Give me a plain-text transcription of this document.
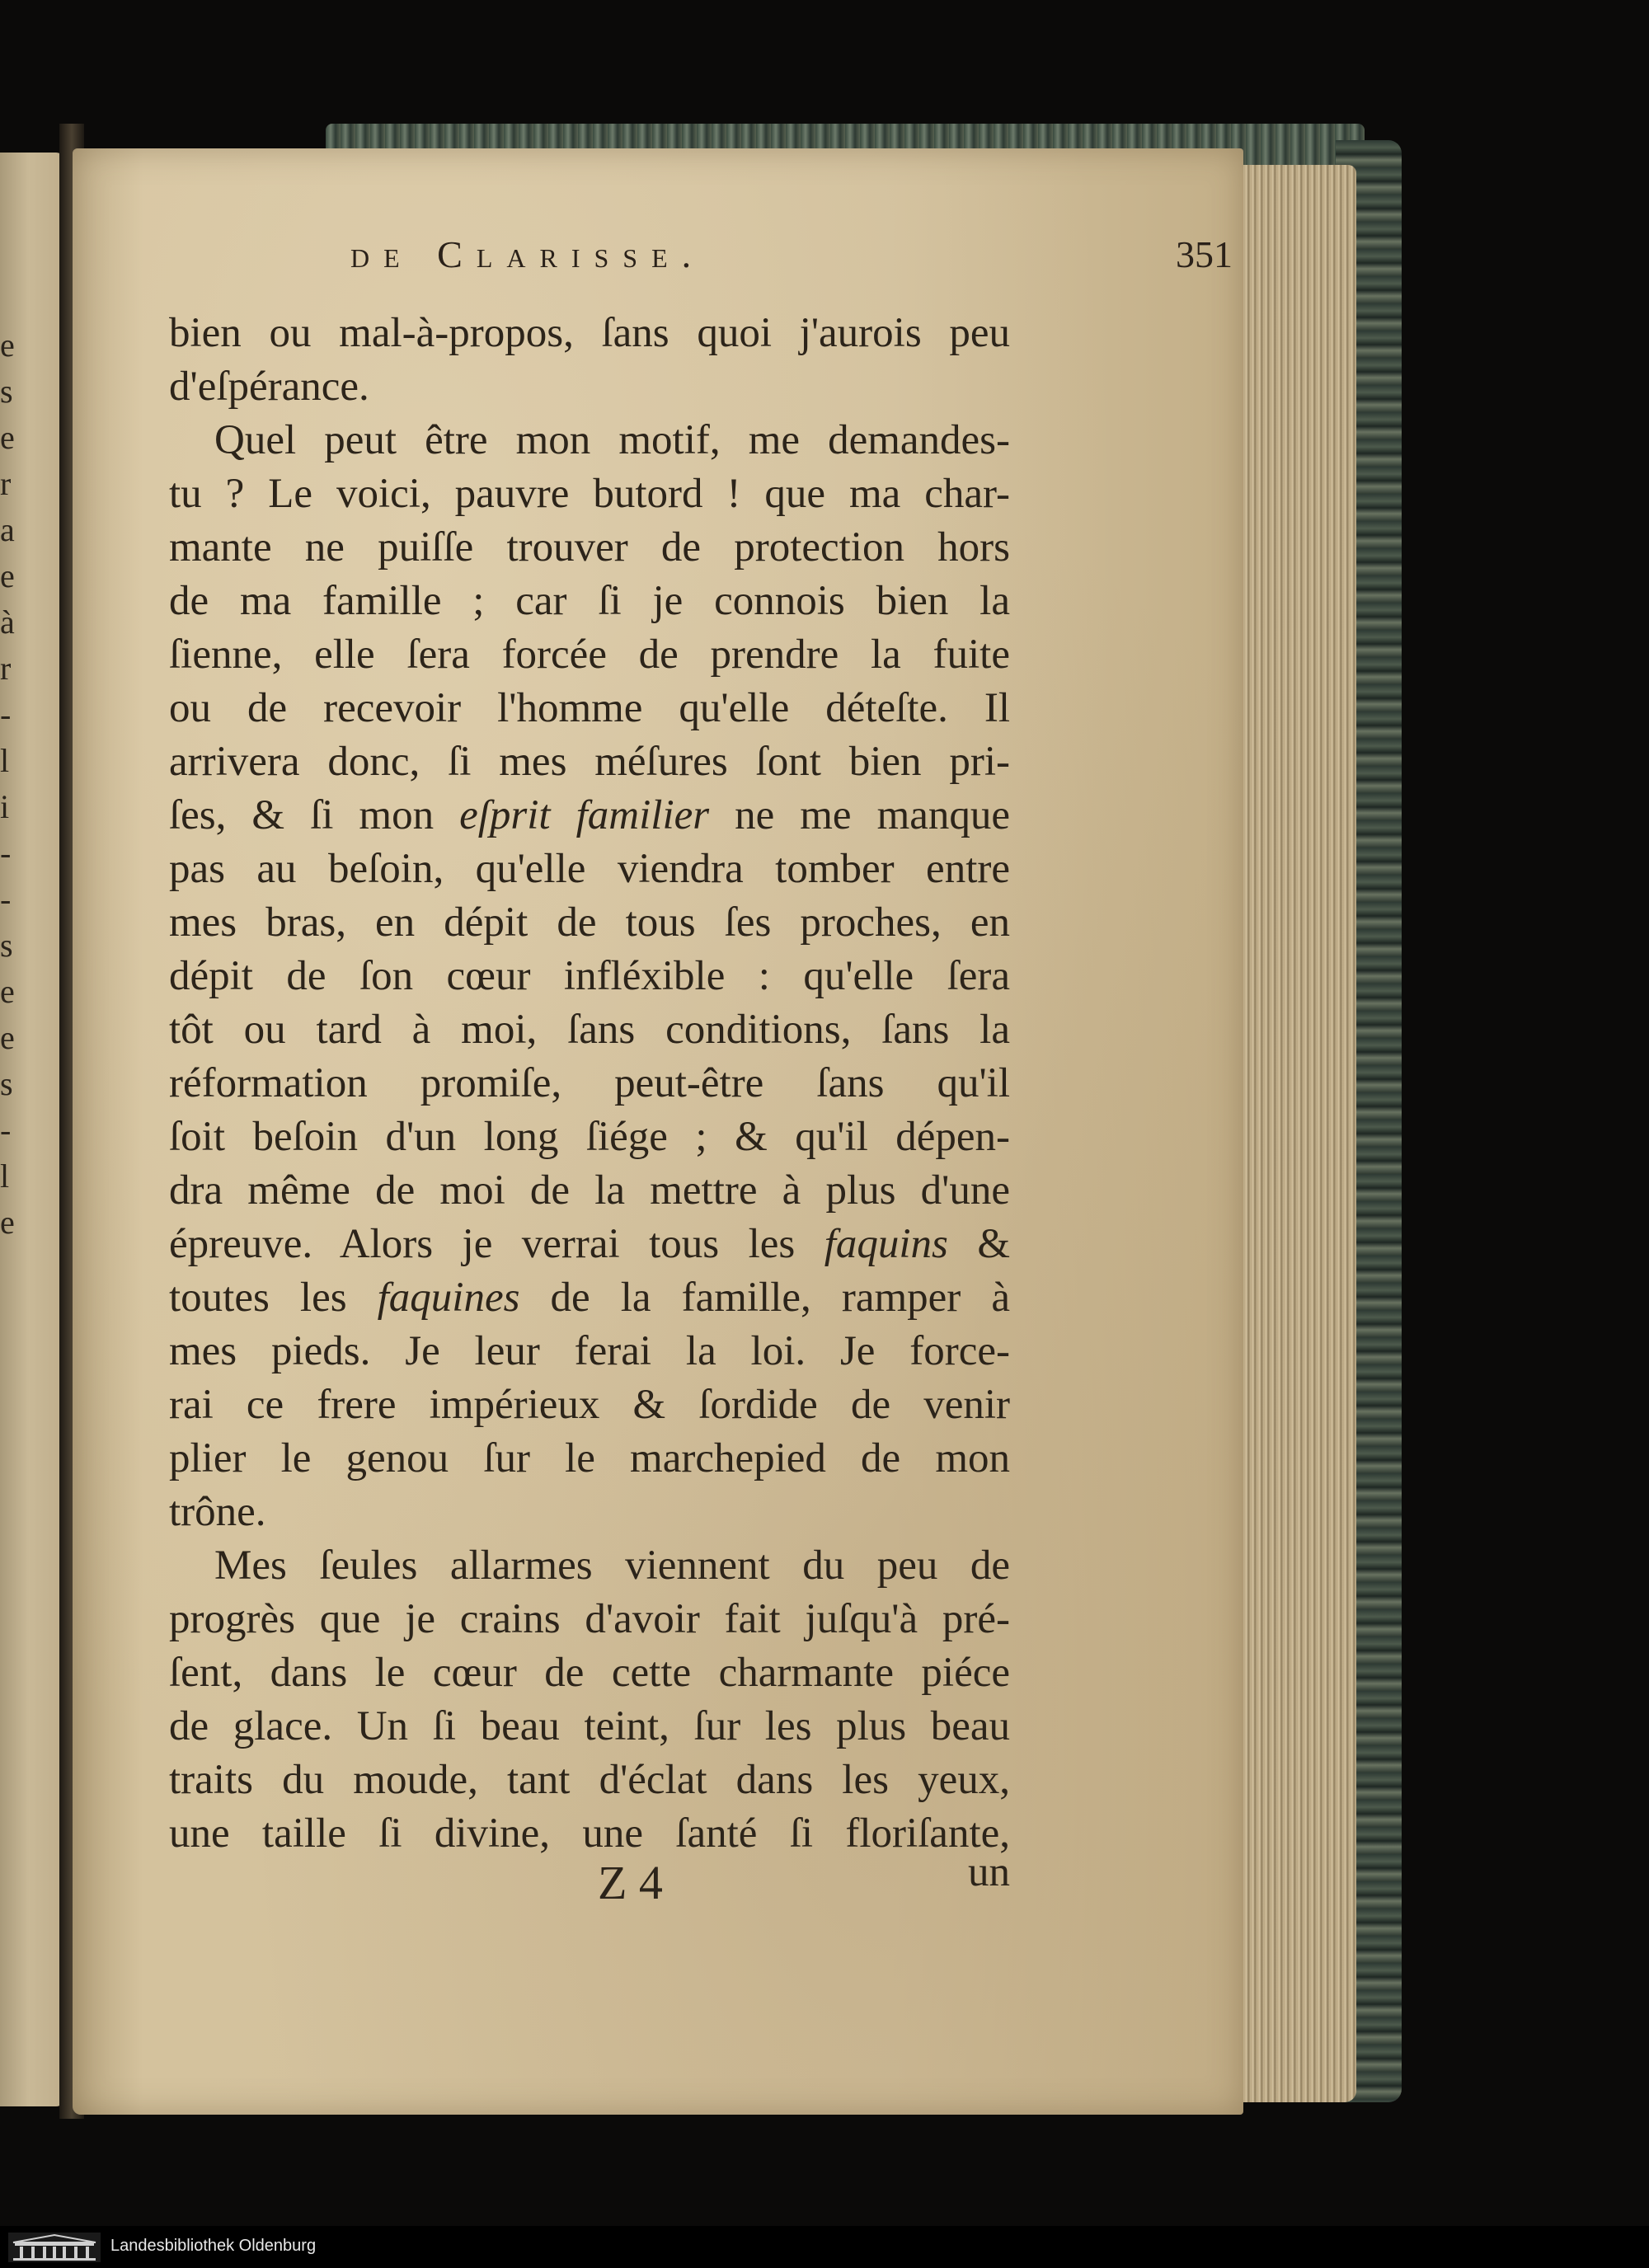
e
s
e
r
a
e
à
r
-
l
i
-
-
s
e
e
s
-
l
e
de Clarisse.	351
bien ou mal-à-propos, ſans quoi j'aurois peu
d'eſpérance.
Quel peut être mon motif, me demandes-
tu ? Le voici, pauvre butord ! que ma char-
mante ne puiſſe trouver de protection hors
de ma famille ; car ſi je connois bien la
ſienne, elle ſera forcée de prendre la fuite
ou de recevoir l'homme qu'elle déteſte. Il
arrivera donc, ſi mes méſures ſont bien pri-
ſes, & ſi mon eſprit familier ne me manque
pas au beſoin, qu'elle viendra tomber entre
mes bras, en dépit de tous ſes proches, en
dépit de ſon cœur infléxible : qu'elle ſera
tôt ou tard à moi, ſans conditions, ſans la
réformation promiſe, peut-être ſans qu'il
ſoit beſoin d'un long ſiége ; & qu'il dépen-
dra même de moi de la mettre à plus d'une
épreuve. Alors je verrai tous les faquins &
toutes les faquines de la famille, ramper à
mes pieds. Je leur ferai la loi. Je force-
rai ce frere impérieux & ſordide de venir
plier le genou ſur le marchepied de mon
trône.
Mes ſeules allarmes viennent du peu de
progrès que je crains d'avoir fait juſqu'à pré-
ſent, dans le cœur de cette charmante piéce
de glace. Un ſi beau teint, ſur les plus beau
traits du moude, tant d'éclat dans les yeux,
une taille ſi divine, une ſanté ſi floriſante,
Z 4	un
Landesbibliothek Oldenburg
